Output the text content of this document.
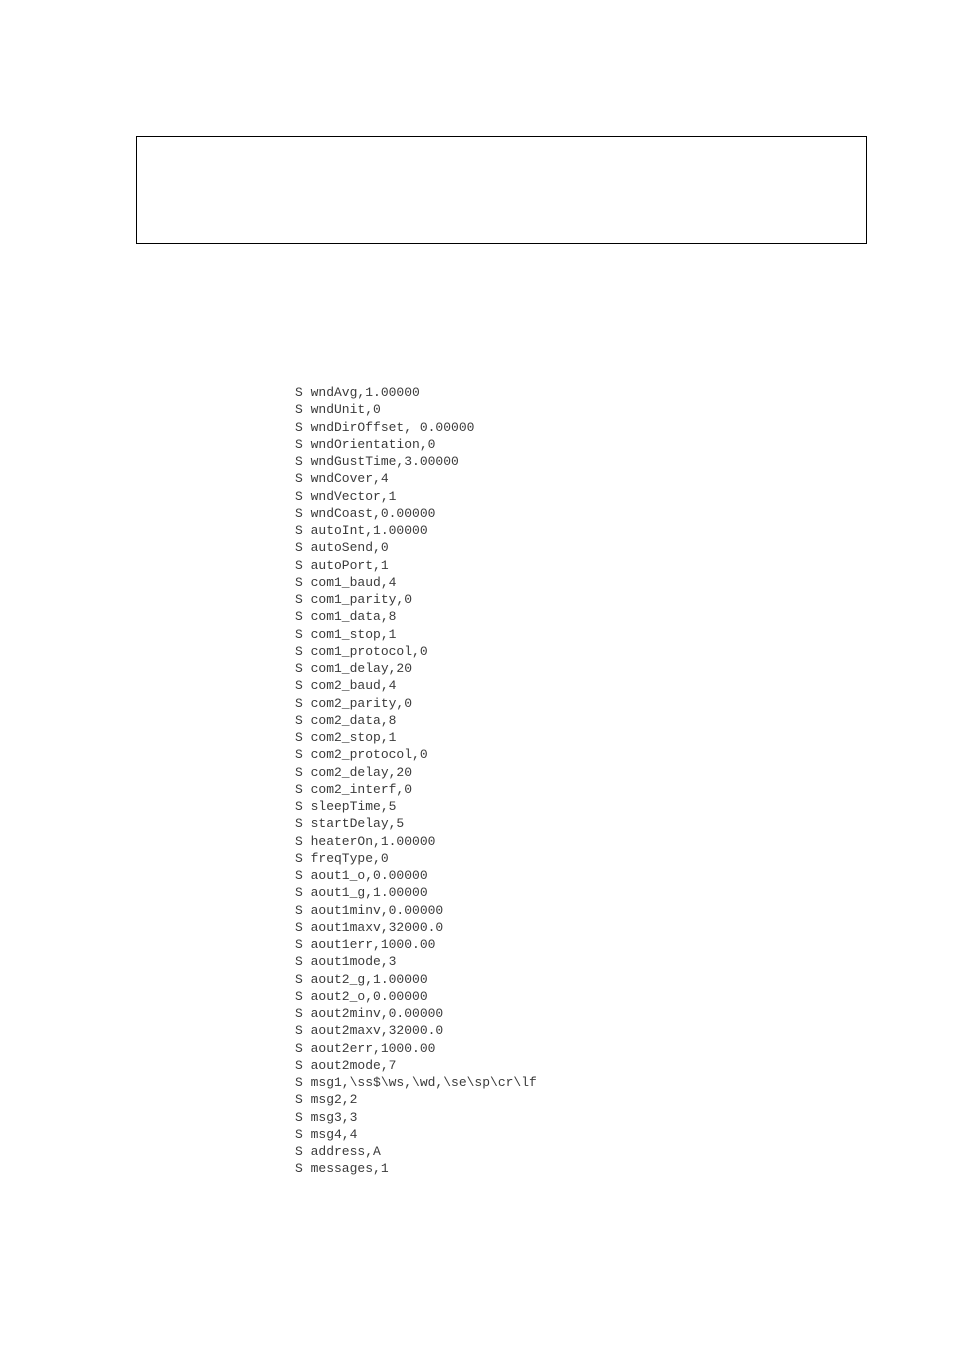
S wndAvg,1.00000
S wndUnit,0
S wndDirOffset, 0.00000
S wndOrientation,0
S wndGustTime,3.00000
S wndCover,4
S wndVector,1
S wndCoast,0.00000
S autoInt,1.00000
S autoSend,0
S autoPort,1
S com1_baud,4
S com1_parity,0
S com1_data,8
S com1_stop,1
S com1_protocol,0
S com1_delay,20
S com2_baud,4
S com2_parity,0
S com2_data,8
S com2_stop,1
S com2_protocol,0
S com2_delay,20
S com2_interf,0
S sleepTime,5
S startDelay,5
S heaterOn,1.00000
S freqType,0
S aout1_o,0.00000
S aout1_g,1.00000
S aout1minv,0.00000
S aout1maxv,32000.0
S aout1err,1000.00
S aout1mode,3
S aout2_g,1.00000
S aout2_o,0.00000
S aout2minv,0.00000
S aout2maxv,32000.0
S aout2err,1000.00
S aout2mode,7
S msg1,\ss$\ws,\wd,\se\sp\cr\lf
S msg2,2
S msg3,3
S msg4,4
S address,A
S messages,1
